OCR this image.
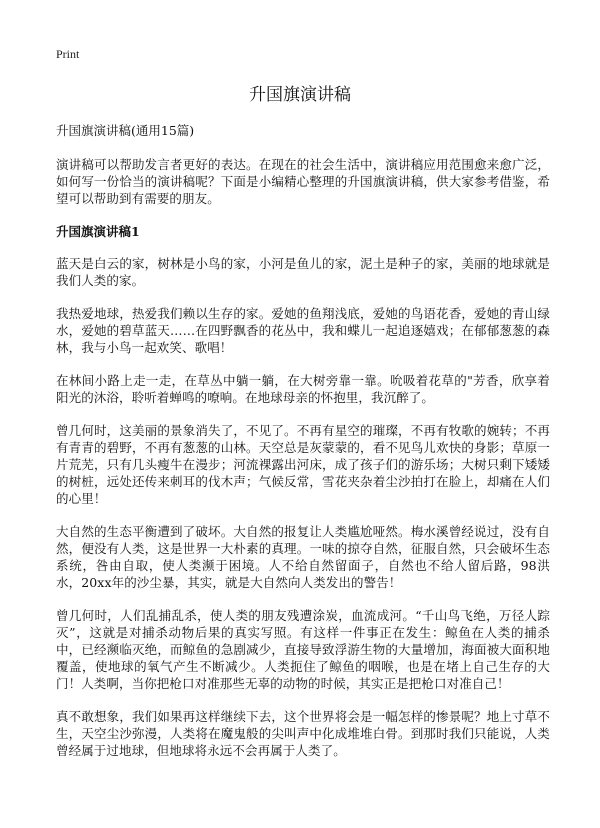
Print
升国旗演讲稿

升国旗演讲稿(通用15篇)

演讲稿可以帮助发言者更好的表达。在现在的社会生活中，演讲稿应用范围愈来愈广泛，如何写一份恰当的演讲稿呢？下面是小编精心整理的升国旗演讲稿，供大家参考借鉴，希望可以帮助到有需要的朋友。

升国旗演讲稿1

蓝天是白云的家，树林是小鸟的家，小河是鱼儿的家，泥土是种子的家，美丽的地球就是我们人类的家。

我热爱地球，热爱我们赖以生存的家。爱她的鱼翔浅底，爱她的鸟语花香，爱她的青山绿水，爱她的碧草蓝天……在四野飘香的花丛中，我和蝶儿一起追逐嬉戏；在郁郁葱葱的森林，我与小鸟一起欢笑、歌唱！

在林间小路上走一走，在草丛中躺一躺，在大树旁靠一靠。吮吸着花草的"芳香，欣享着阳光的沐浴，聆听着蝉鸣的嘹响。在地球母亲的怀抱里，我沉醉了。

曾几何时，这美丽的景象消失了，不见了。不再有星空的璀璨，不再有牧歌的婉转；不再有青青的碧野，不再有葱葱的山林。天空总是灰蒙蒙的，看不见鸟儿欢快的身影；草原一片荒芜，只有几头瘦牛在漫步；河流裸露出河床，成了孩子们的游乐场；大树只剩下矮矮的树桩，远处还传来刺耳的伐木声；气候反常，雪花夹杂着尘沙拍打在脸上，却痛在人们的心里！

大自然的生态平衡遭到了破坏。大自然的报复让人类尴尬哑然。梅水溪曾经说过，没有自然，便没有人类，这是世界一大朴素的真理。一味的掠夺自然，征服自然，只会破坏生态系统，咎由自取，使人类濒于困境。人不给自然留面子，自然也不给人留后路，98洪水，20xx年的沙尘暴，其实，就是大自然向人类发出的警告！

曾几何时，人们乱捕乱杀，使人类的朋友残遭涂炭，血流成河。“千山鸟飞绝，万径人踪灭”，这就是对捕杀动物后果的真实写照。有这样一件事正在发生：鲸鱼在人类的捕杀中，已经濒临灭绝，而鲸鱼的急剧减少，直接导致浮游生物的大量增加，海面被大面积地覆盖，使地球的氧气产生不断减少。人类扼住了鲸鱼的咽喉，也是在堵上自己生存的大门！人类啊，当你把枪口对准那些无辜的动物的时候，其实正是把枪口对准自己！

真不敢想象，我们如果再这样继续下去，这个世界将会是一幅怎样的惨景呢？地上寸草不生，天空尘沙弥漫，人类将在魔鬼般的尖叫声中化成堆堆白骨。到那时我们只能说，人类曾经属于过地球，但地球将永远不会再属于人类了。
